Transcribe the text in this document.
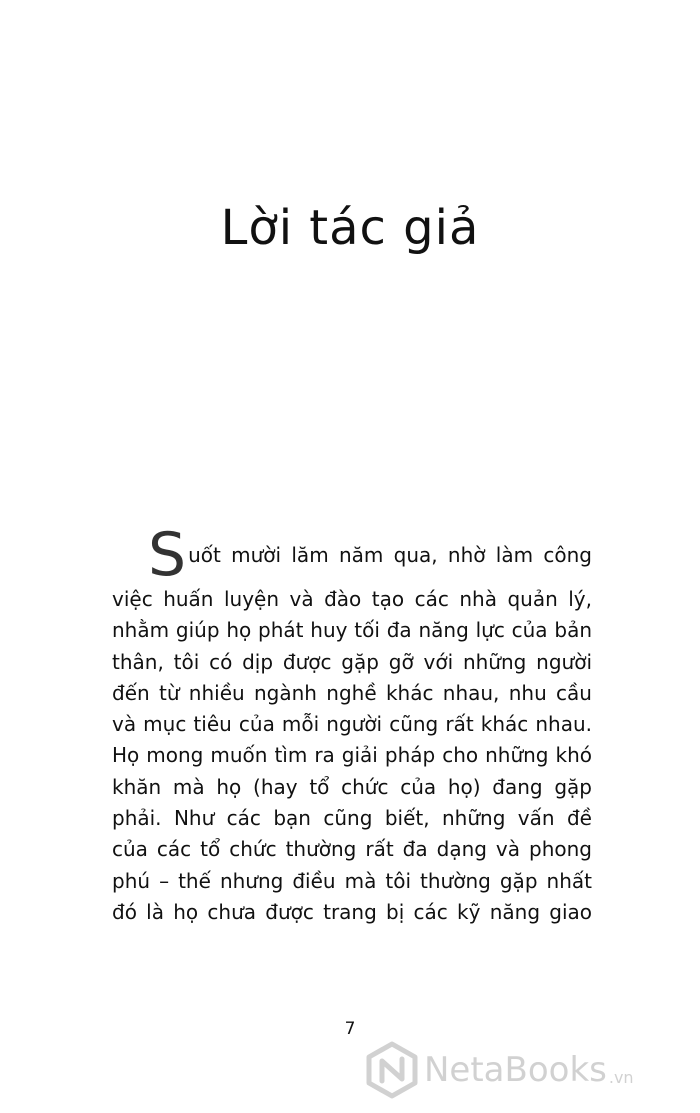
Lời tác giả
Suốt mười lăm năm qua, nhờ làm công
việc huấn luyện và đào tạo các nhà quản lý,
nhằm giúp họ phát huy tối đa năng lực của bản
thân, tôi có dịp được gặp gỡ với những người
đến từ nhiều ngành nghề khác nhau, nhu cầu
và mục tiêu của mỗi người cũng rất khác nhau.
Họ mong muốn tìm ra giải pháp cho những khó
khăn mà họ (hay tổ chức của họ) đang gặp
phải. Như các bạn cũng biết, những vấn đề
của các tổ chức thường rất đa dạng và phong
phú – thế nhưng điều mà tôi thường gặp nhất
đó là họ chưa được trang bị các kỹ năng giao
7
NetaBooks .vn
